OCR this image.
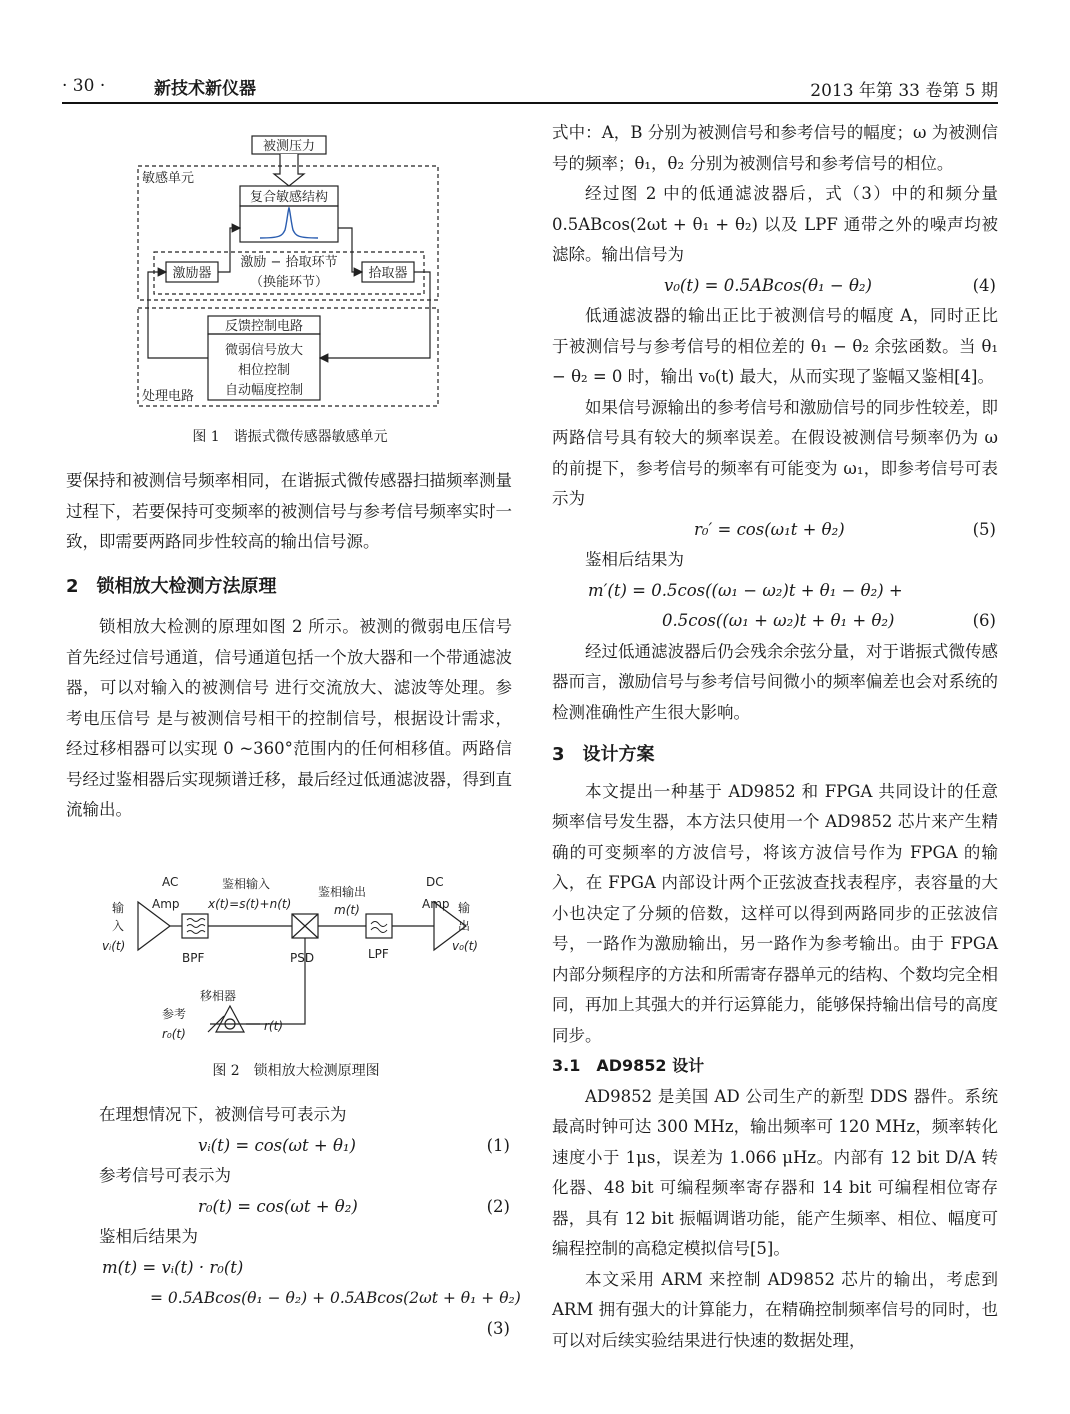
· 30 ·	新技术新仪器	2013 年第 33 卷第 5 期
被测压力
敏感单元
复合敏感结构
激励器
激励 − 拾取环节
（换能环节）
拾取器
反馈控制电路
微弱信号放大
相位控制
自动幅度控制
处理电路
图 1　谐振式微传感器敏感单元

要保持和被测信号频率相同，在谐振式微传感器扫描频率测量过程下，若要保持可变频率的被测信号与参考信号频率实时一致，即需要两路同步性较高的输出信号源。

2　锁相放大检测方法原理

锁相放大检测的原理如图 2 所示。被测的微弱电压信号 首先经过信号通道，信号通道包括一个放大器和一个带通滤波器，可以对输入的被测信号 进行交流放大、滤波等处理。参考电压信号 是与被测信号相干的控制信号，根据设计需求，经过移相器可以实现 0 ~360°范围内的任何相移值。两路信号经过鉴相器后实现频谱迁移，最后经过低通滤波器，得到直流输出。

AC
Amp
鉴相输入
x(t)=s(t)+n(t)
鉴相输出
m(t)
DC
Amp
输
入
vᵢ(t)
输
出
v₀(t)
BPF	PSD	LPF
移相器
参考
r₀(t)
r(t)
图 2　锁相放大检测原理图

在理想情况下，被测信号可表示为

vᵢ(t) = cos(ωt + θ₁)	(1)

参考信号可表示为

r₀(t) = cos(ωt + θ₂)	(2)

鉴相后结果为

m(t) = vᵢ(t) · r₀(t)
= 0.5ABcos(θ₁ − θ₂) + 0.5ABcos(2ωt + θ₁ + θ₂)
(3)

式中：A，B 分别为被测信号和参考信号的幅度；ω 为被测信号的频率；θ₁，θ₂ 分别为被测信号和参考信号的相位。

经过图 2 中的低通滤波器后，式（3）中的和频分量 0.5ABcos(2ωt + θ₁ + θ₂) 以及 LPF 通带之外的噪声均被滤除。输出信号为

v₀(t) = 0.5ABcos(θ₁ − θ₂)	(4)

低通滤波器的输出正比于被测信号的幅度 A，同时正比于被测信号与参考信号的相位差的 θ₁ − θ₂ 余弦函数。当 θ₁ − θ₂ = 0 时，输出 v₀(t) 最大，从而实现了鉴幅又鉴相[4]。

如果信号源输出的参考信号和激励信号的同步性较差，即两路信号具有较大的频率误差。在假设被测信号频率仍为 ω 的前提下，参考信号的频率有可能变为 ω₁，即参考信号可表示为

r₀′ = cos(ω₁t + θ₂)	(5)

鉴相后结果为

m′(t) = 0.5cos((ω₁ − ω₂)t + θ₁ − θ₂) +
0.5cos((ω₁ + ω₂)t + θ₁ + θ₂)	(6)

经过低通滤波器后仍会残余余弦分量，对于谐振式微传感器而言，激励信号与参考信号间微小的频率偏差也会对系统的检测准确性产生很大影响。

3　设计方案

本文提出一种基于 AD9852 和 FPGA 共同设计的任意频率信号发生器，本方法只使用一个 AD9852 芯片来产生精确的可变频率的方波信号，将该方波信号作为 FPGA 的输入，在 FPGA 内部设计两个正弦波查找表程序，表容量的大小也决定了分频的倍数，这样可以得到两路同步的正弦波信号，一路作为激励输出，另一路作为参考输出。由于 FPGA 内部分频程序的方法和所需寄存器单元的结构、个数均完全相同，再加上其强大的并行运算能力，能够保持输出信号的高度同步。

3.1　AD9852 设计

AD9852 是美国 AD 公司生产的新型 DDS 器件。系统最高时钟可达 300 MHz，输出频率可 120 MHz，频率转化速度小于 1μs，误差为 1.066 μHz。内部有 12 bit D/A 转化器、48 bit 可编程频率寄存器和 14 bit 可编程相位寄存器，具有 12 bit 振幅调谐功能，能产生频率、相位、幅度可编程控制的高稳定模拟信号[5]。

本文采用 ARM 来控制 AD9852 芯片的输出，考虑到 ARM 拥有强大的计算能力，在精确控制频率信号的同时，也可以对后续实验结果进行快速的数据处理，
